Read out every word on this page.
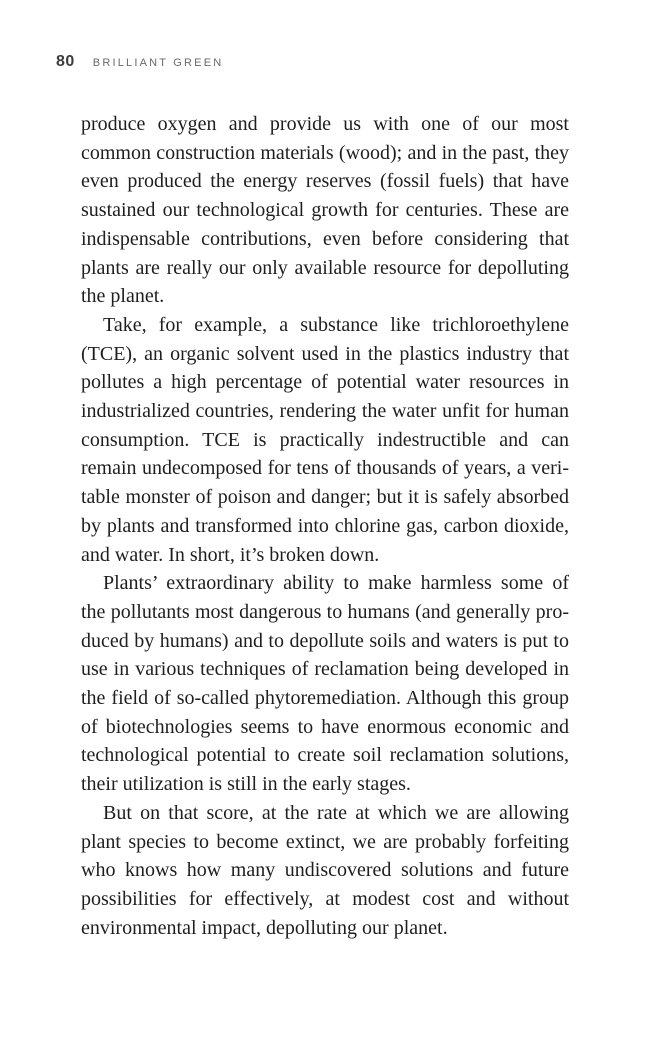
80 BRILLIANT GREEN

produce oxygen and provide us with one of our most common construction materials (wood); and in the past, they even produced the energy reserves (fossil fuels) that have sustained our technological growth for centuries. These are indispensable contributions, even before considering that plants are really our only available resource for depolluting the planet.

Take, for example, a substance like trichloroethylene (TCE), an organic solvent used in the plastics industry that pollutes a high percentage of potential water resources in industrialized countries, rendering the water unfit for human consumption. TCE is practically indestructible and can remain undecomposed for tens of thousands of years, a veritable monster of poison and danger; but it is safely absorbed by plants and transformed into chlorine gas, carbon dioxide, and water. In short, it’s broken down.

Plants’ extraordinary ability to make harmless some of the pollutants most dangerous to humans (and generally produced by humans) and to depollute soils and waters is put to use in various techniques of reclamation being developed in the field of so-called phytoremediation. Although this group of biotechnologies seems to have enormous economic and technological potential to create soil reclamation solutions, their utilization is still in the early stages.

But on that score, at the rate at which we are allowing plant species to become extinct, we are probably forfeiting who knows how many undiscovered solutions and future possibilities for effectively, at modest cost and without environmental impact, depolluting our planet.
